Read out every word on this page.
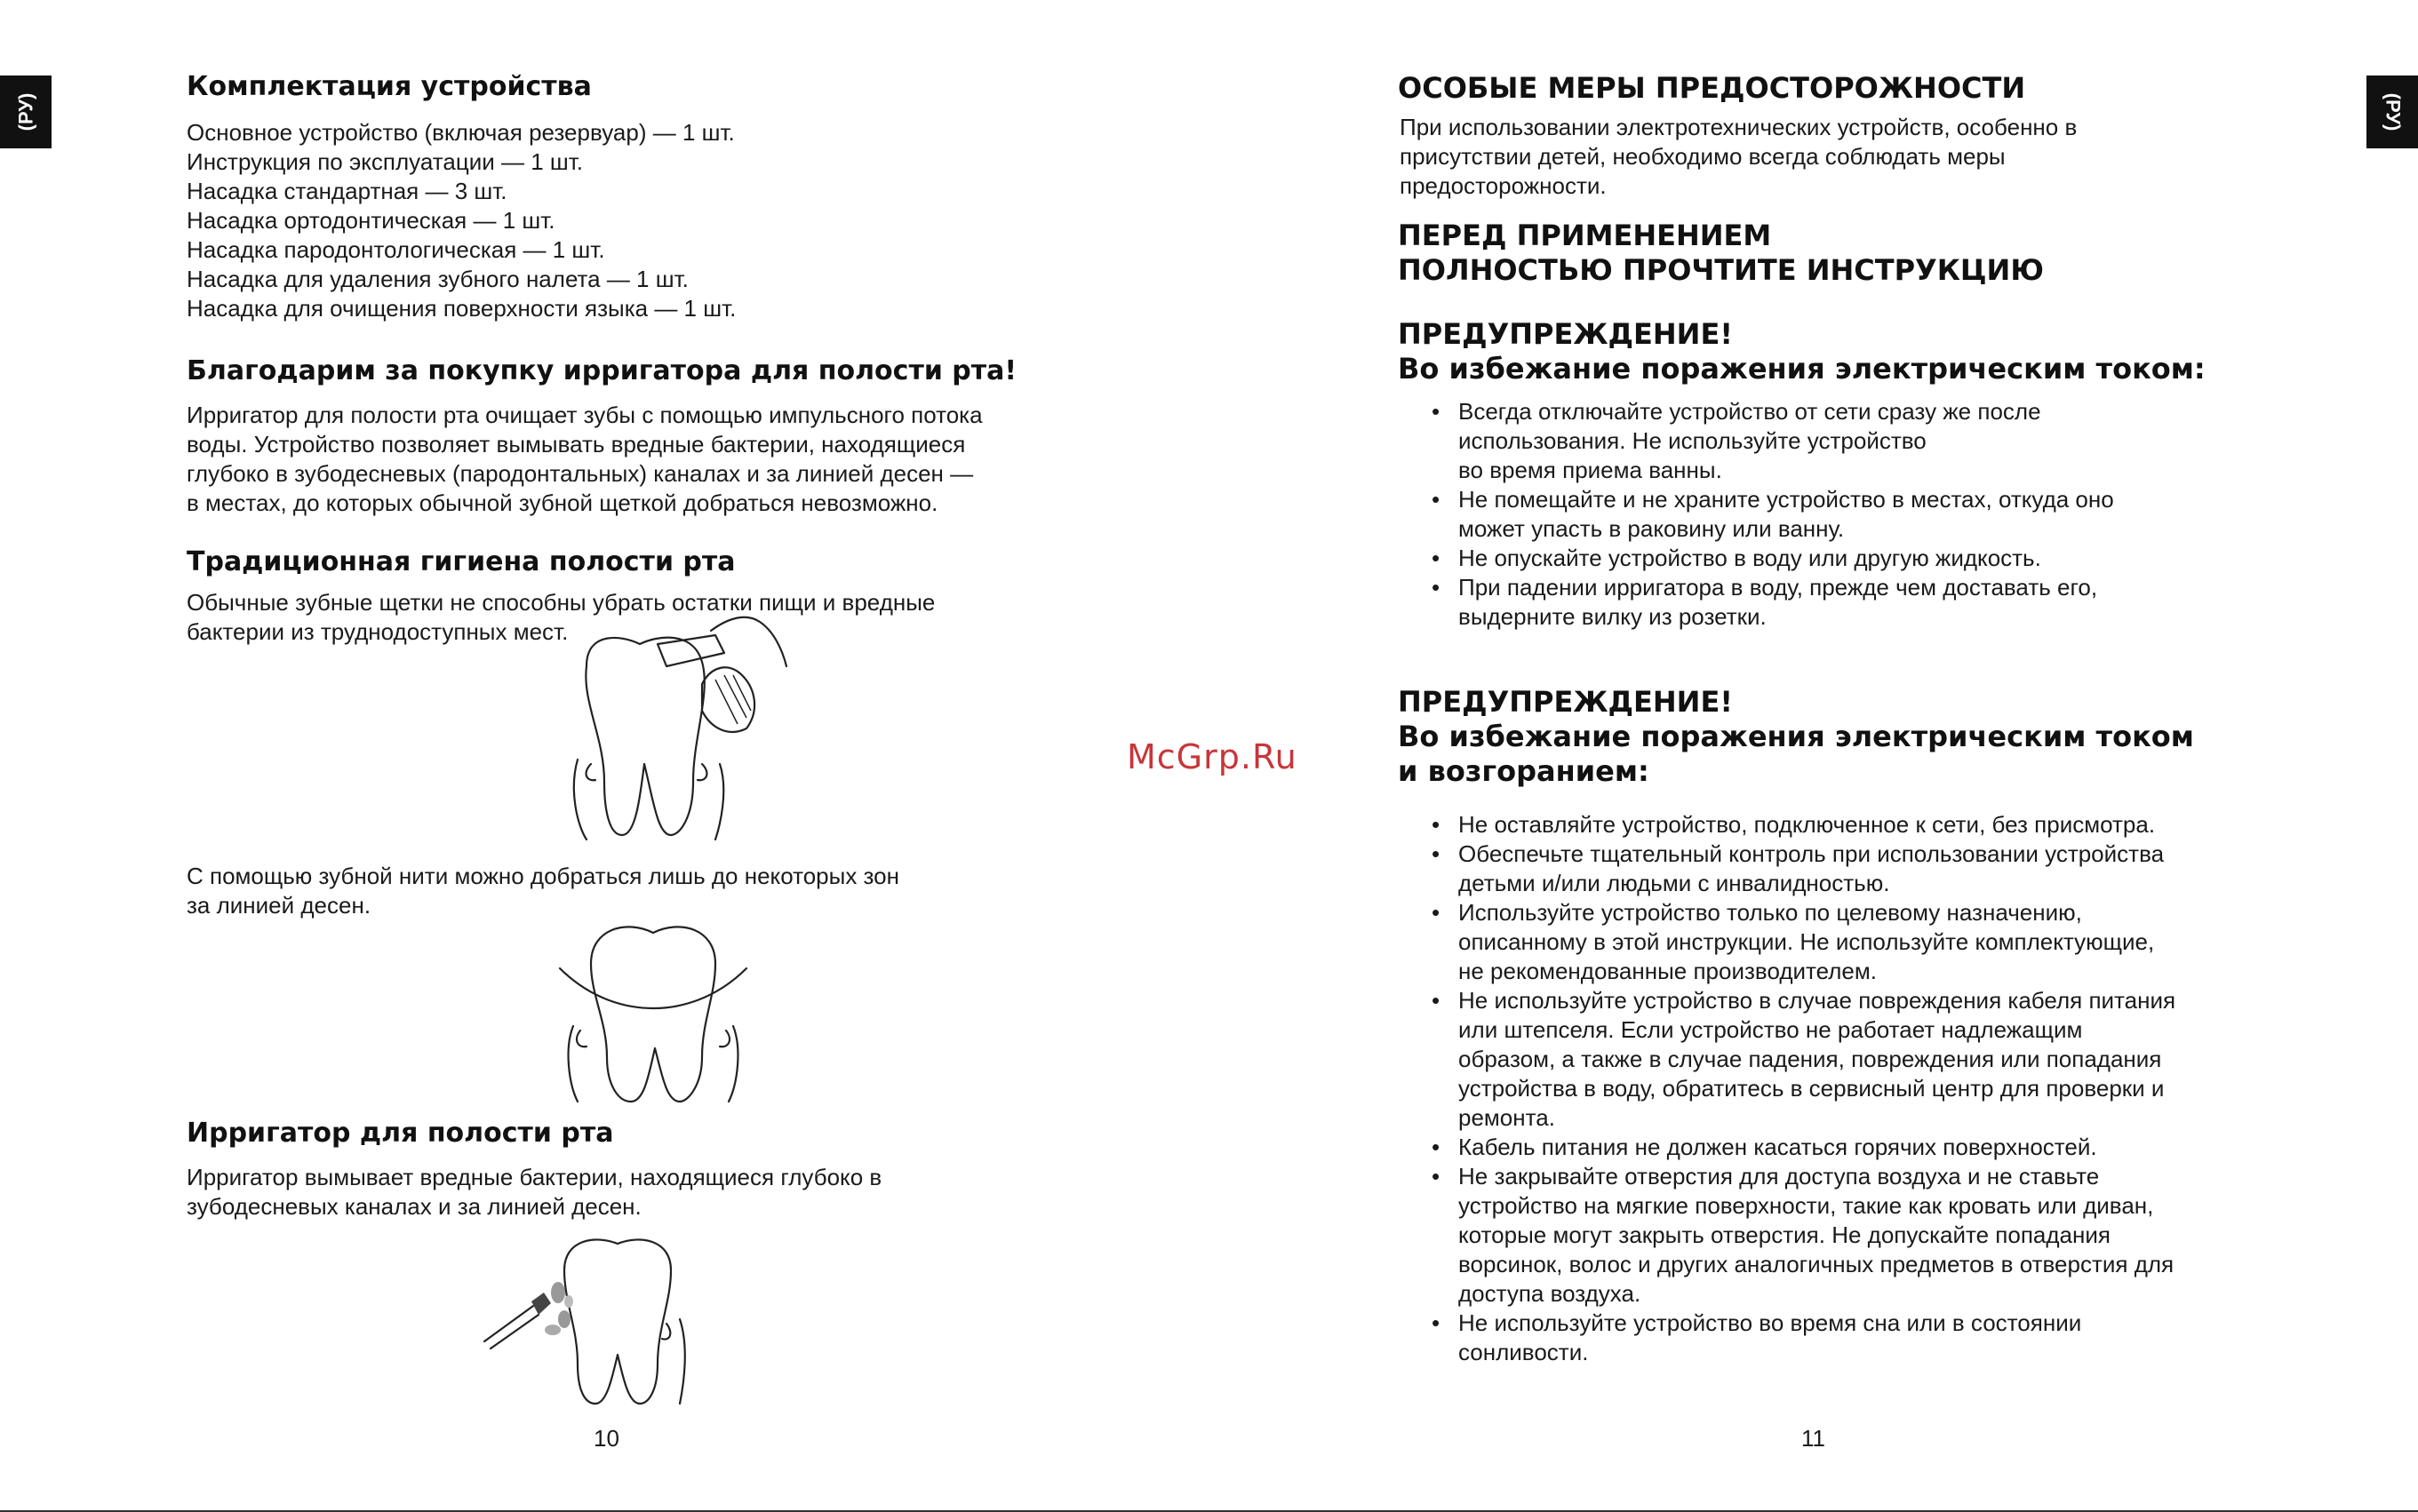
(РУ)	(РУ)
Комплектация устройства
Основное устройство (включая резервуар) — 1 шт.
Инструкция по эксплуатации — 1 шт.
Насадка стандартная — 3 шт.
Насадка ортодонтическая — 1 шт.
Насадка пародонтологическая — 1 шт.
Насадка для удаления зубного налета — 1 шт.
Насадка для очищения поверхности языка — 1 шт.
Благодарим за покупку ирригатора для полости рта!

Ирригатор для полости рта очищает зубы с помощью импульсного потока
воды. Устройство позволяет вымывать вредные бактерии, находящиеся
глубоко в зубодесневых (пародонтальных) каналах и за линией десен —
в местах, до которых обычной зубной щеткой добраться невозможно.

Традиционная гигиена полости рта

Обычные зубные щетки не способны убрать остатки пищи и вредные
бактерии из труднодоступных мест.

С помощью зубной нити можно добраться лишь до некоторых зон
за линией десен.

Ирригатор для полости рта

Ирригатор вымывает вредные бактерии, находящиеся глубоко в
зубодесневых каналах и за линией десен.

10
McGrp.Ru
ОСОБЫЕ МЕРЫ ПРЕДОСТОРОЖНОСТИ

При использовании электротехнических устройств, особенно в
присутствии детей, необходимо всегда соблюдать меры
предосторожности.

ПЕРЕД ПРИМЕНЕНИЕМ
ПОЛНОСТЬЮ ПРОЧТИТЕ ИНСТРУКЦИЮ
ПРЕДУПРЕЖДЕНИЕ!
Во избежание поражения электрическим током:
• Всегда отключайте устройство от сети сразу же после
использования. Не используйте устройство
во время приема ванны.
• Не помещайте и не храните устройство в местах, откуда оно
может упасть в раковину или ванну.
• Не опускайте устройство в воду или другую жидкость.
• При падении ирригатора в воду, прежде чем доставать его,
выдерните вилку из розетки.
ПРЕДУПРЕЖДЕНИЕ!
Во избежание поражения электрическим током
и возгоранием:
• Не оставляйте устройство, подключенное к сети, без присмотра.
• Обеспечьте тщательный контроль при использовании устройства
детьми и/или людьми с инвалидностью.
• Используйте устройство только по целевому назначению,
описанному в этой инструкции. Не используйте комплектующие,
не рекомендованные производителем.
• Не используйте устройство в случае повреждения кабеля питания
или штепселя. Если устройство не работает надлежащим
образом, а также в случае падения, повреждения или попадания
устройства в воду, обратитесь в сервисный центр для проверки и
ремонта.
• Кабель питания не должен касаться горячих поверхностей.
• Не закрывайте отверстия для доступа воздуха и не ставьте
устройство на мягкие поверхности, такие как кровать или диван,
которые могут закрыть отверстия. Не допускайте попадания
ворсинок, волос и других аналогичных предметов в отверстия для
доступа воздуха.
• Не используйте устройство во время сна или в состоянии
сонливости.
11
